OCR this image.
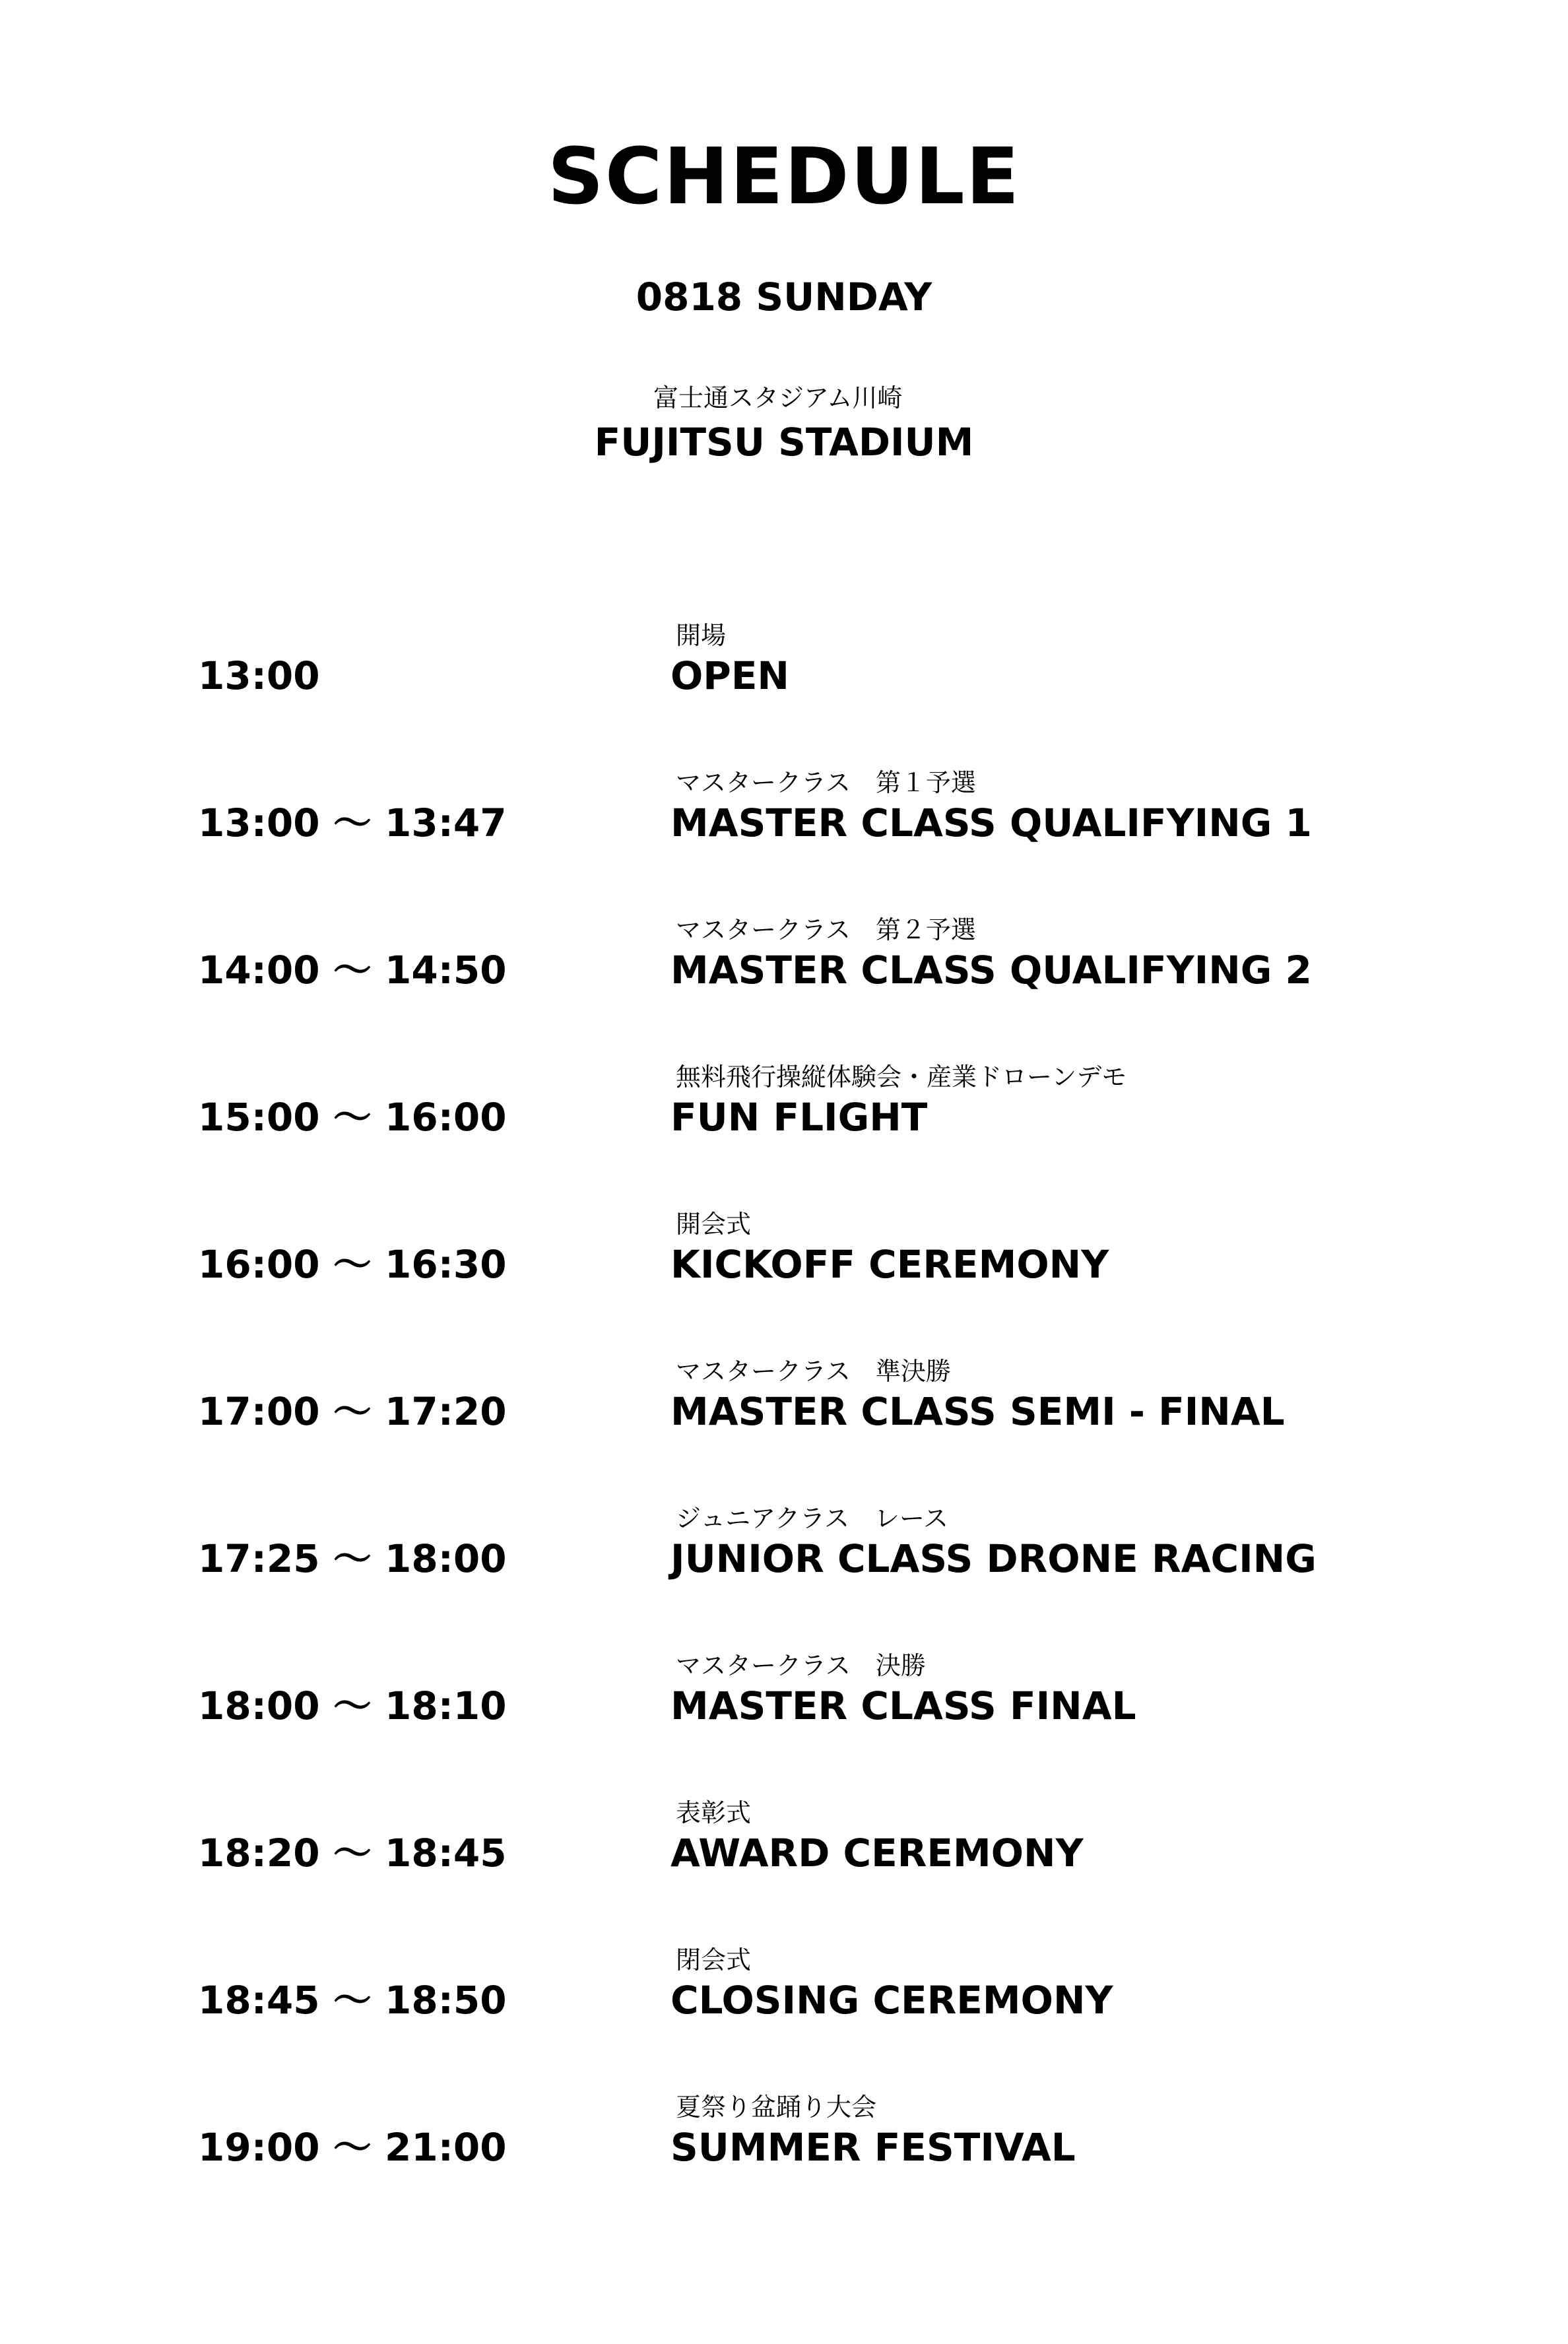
SCHEDULE
0818 SUNDAY
富士通スタジアム川崎
FUJITSU STADIUM
13:00
開場
OPEN
13:00 ～ 13:47
マスタークラス　第１予選
MASTER CLASS QUALIFYING 1
14:00 ～ 14:50
マスタークラス　第２予選
MASTER CLASS QUALIFYING 2
15:00 ～ 16:00
無料飛行操縦体験会・産業ドローンデモ
FUN FLIGHT
16:00 ～ 16:30
開会式
KICKOFF CEREMONY
17:00 ～ 17:20
マスタークラス　準決勝
MASTER CLASS SEMI - FINAL
17:25 ～ 18:00
ジュニアクラス　レース
JUNIOR CLASS DRONE RACING
18:00 ～ 18:10
マスタークラス　決勝
MASTER CLASS FINAL
18:20 ～ 18:45
表彰式
AWARD CEREMONY
18:45 ～ 18:50
閉会式
CLOSING CEREMONY
19:00 ～ 21:00
夏祭り盆踊り大会
SUMMER FESTIVAL
